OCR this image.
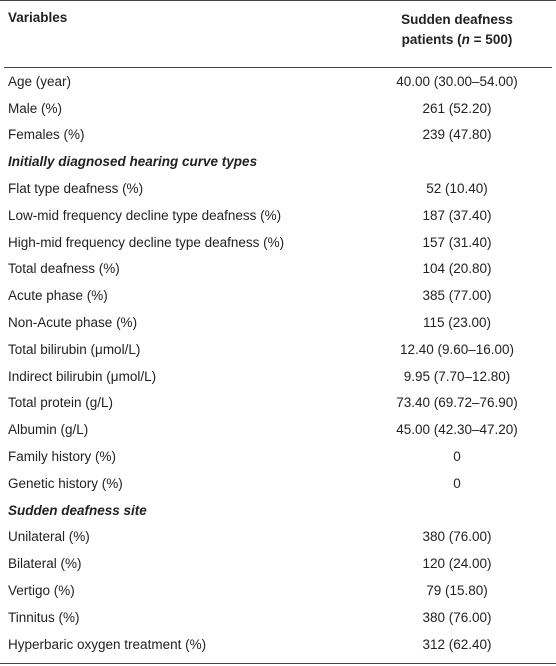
Variables	Sudden deafness
patients (n = 500)
Age (year)	40.00 (30.00–54.00)
Male (%)	261 (52.20)
Females (%)	239 (47.80)
Initially diagnosed hearing curve types
Flat type deafness (%)	52 (10.40)
Low-mid frequency decline type deafness (%)	187 (37.40)
High-mid frequency decline type deafness (%)	157 (31.40)
Total deafness (%)	104 (20.80)
Acute phase (%)	385 (77.00)
Non-Acute phase (%)	115 (23.00)
Total bilirubin (μmol/L)	12.40 (9.60–16.00)
Indirect bilirubin (μmol/L)	9.95 (7.70–12.80)
Total protein (g/L)	73.40 (69.72–76.90)
Albumin (g/L)	45.00 (42.30–47.20)
Family history (%)	0
Genetic history (%)	0
Sudden deafness site
Unilateral (%)	380 (76.00)
Bilateral (%)	120 (24.00)
Vertigo (%)	79 (15.80)
Tinnitus (%)	380 (76.00)
Hyperbaric oxygen treatment (%)	312 (62.40)
